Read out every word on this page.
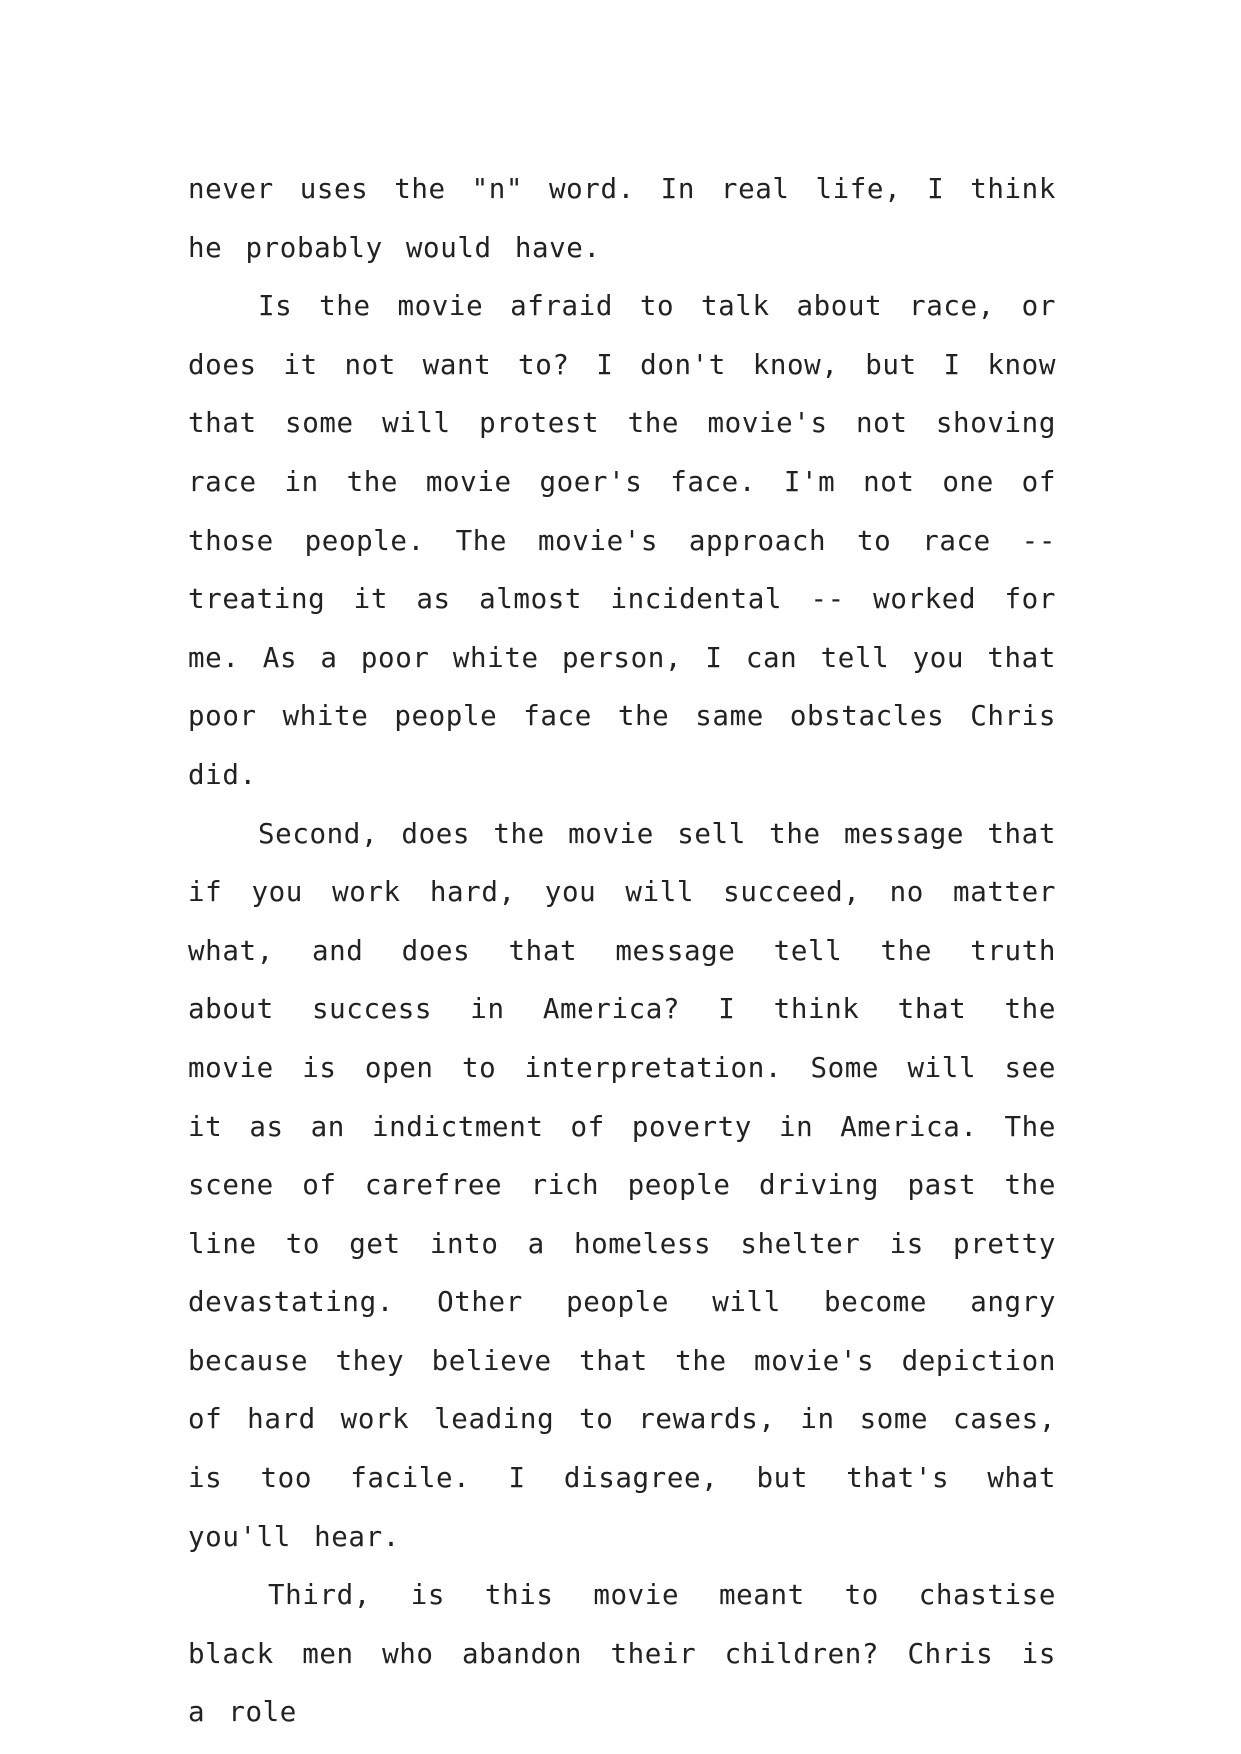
never uses the "n" word. In real life, I think he probably would have.

Is the movie afraid to talk about race, or does it not want to? I don't know, but I know that some will protest the movie's not shoving race in the movie goer's face. I'm not one of those people. The movie's approach to race -- treating it as almost incidental -- worked for me. As a poor white person, I can tell you that poor white people face the same obstacles Chris did.

Second, does the movie sell the message that if you work hard, you will succeed, no matter what, and does that message tell the truth about success in America? I think that the movie is open to interpretation. Some will see it as an indictment of poverty in America. The scene of carefree rich people driving past the line to get into a homeless shelter is pretty devastating. Other people will become angry because they believe that the movie's depiction of hard work leading to rewards, in some cases, is too facile. I disagree, but that's what you'll hear.

Third, is this movie meant to chastise black men who abandon their children? Chris is a role
